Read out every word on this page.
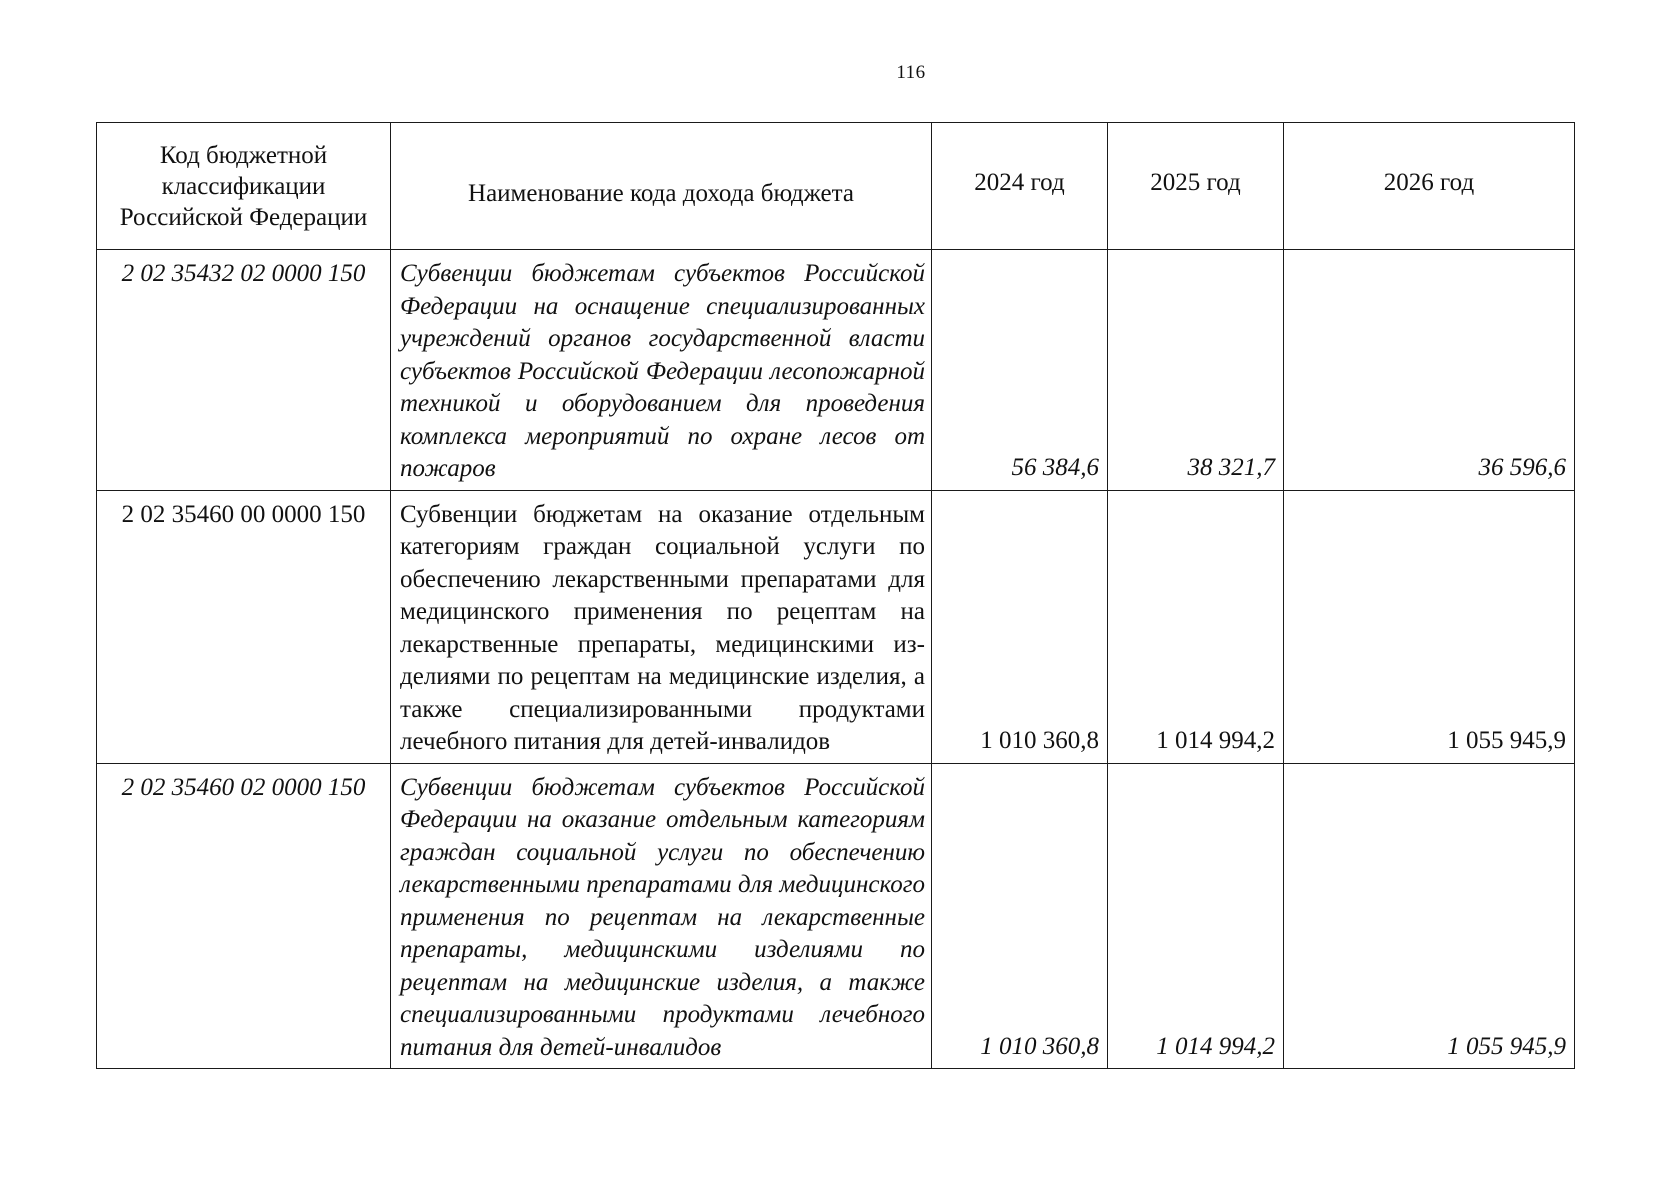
116
Код бюджетной классификации Российской Федерации	Наименование кода дохода бюджета	2024 год	2025 год	2026 год
2 02 35432 02 0000 150	Субвенции бюджетам субъектов Российской Федерации на оснащение специализированных учреждений органов государственной власти субъектов Российской Федерации лесопожарной техникой и оборудованием для проведения комплекса мероприятий по охране лесов от пожаров	56 384,6	38 321,7	36 596,6
2 02 35460 00 0000 150	Субвенции бюджетам на оказание отдельным категориям граждан социальной услуги по обеспечению лекарственными препаратами для медицинского применения по рецептам на лекарственные препараты, медицинскими изделиями по рецептам на медицинские изделия, а также специализированными продуктами лечебного питания для детей-инвалидов	1 010 360,8	1 014 994,2	1 055 945,9
2 02 35460 02 0000 150	Субвенции бюджетам субъектов Российской Федерации на оказание отдельным категориям граждан социальной услуги по обеспечению лекарственными препаратами для медицинского применения по рецептам на лекарственные препараты, медицинскими изделиями по рецептам на медицинские изделия, а также специализированными продуктами лечебного питания для детей-инвалидов	1 010 360,8	1 014 994,2	1 055 945,9
